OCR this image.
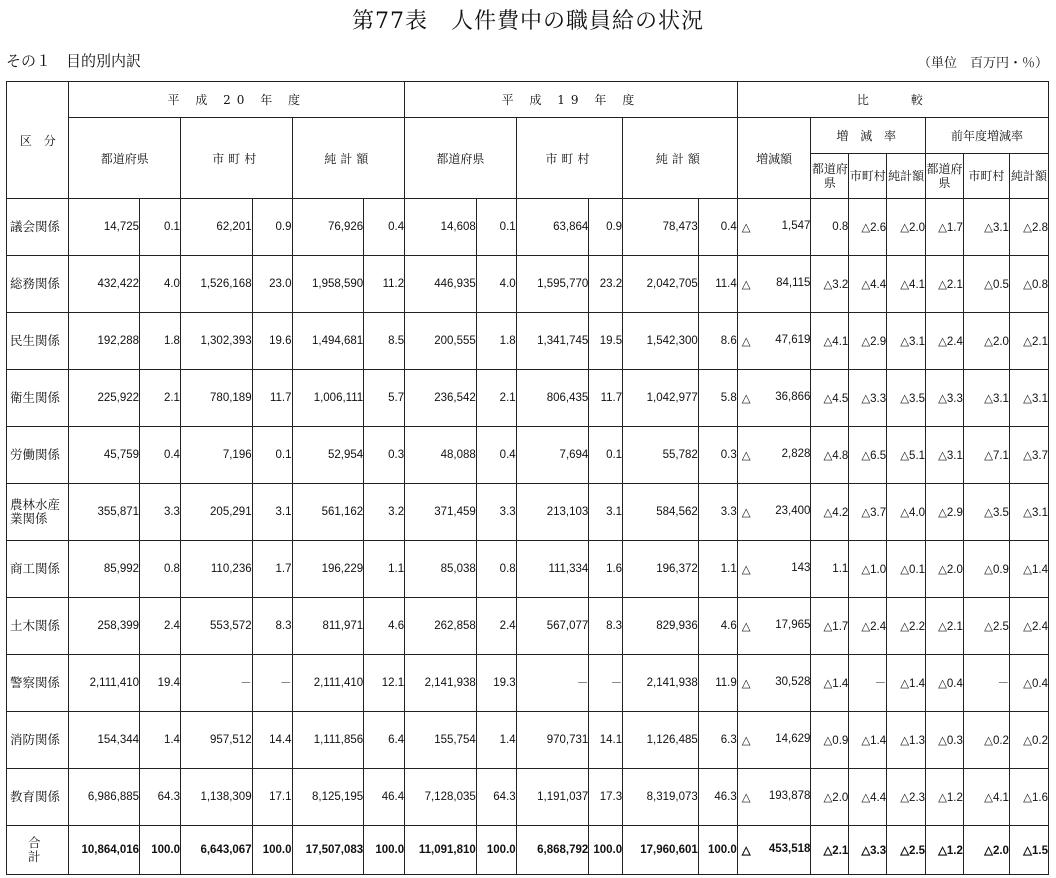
第77表　人件費中の職員給の状況
その１　目的別内訳	（単位　百万円・％）
区　分	平 成 20 年 度						平 成 19 年 度						比　　較						
	都道府県		市町村		純計額		都道府県		市町村		純計額		増減額	増 減 率			前年度増減率		
														都道府県	市町村	純計額	都道府県	市町村	純計額
議会関係	14,725	0.1	62,201	0.9	76,926	0.4	14,608	0.1	63,864	0.9	78,473	0.4	△ 1,547	0.8	△2.6	△2.0	△1.7	△3.1	△2.8
総務関係	432,422	4.0	1,526,168	23.0	1,958,590	11.2	446,935	4.0	1,595,770	23.2	2,042,705	11.4	△ 84,115	△3.2	△4.4	△4.1	△2.1	△0.5	△0.8
民生関係	192,288	1.8	1,302,393	19.6	1,494,681	8.5	200,555	1.8	1,341,745	19.5	1,542,300	8.6	△ 47,619	△4.1	△2.9	△3.1	△2.4	△2.0	△2.1
衛生関係	225,922	2.1	780,189	11.7	1,006,111	5.7	236,542	2.1	806,435	11.7	1,042,977	5.8	△ 36,866	△4.5	△3.3	△3.5	△3.3	△3.1	△3.1
労働関係	45,759	0.4	7,196	0.1	52,954	0.3	48,088	0.4	7,694	0.1	55,782	0.3	△ 2,828	△4.8	△6.5	△5.1	△3.1	△7.1	△3.7
農林水産業関係	355,871	3.3	205,291	3.1	561,162	3.2	371,459	3.3	213,103	3.1	584,562	3.3	△ 23,400	△4.2	△3.7	△4.0	△2.9	△3.5	△3.1
商工関係	85,992	0.8	110,236	1.7	196,229	1.1	85,038	0.8	111,334	1.6	196,372	1.1	△ 143	1.1	△1.0	△0.1	△2.0	△0.9	△1.4
土木関係	258,399	2.4	553,572	8.3	811,971	4.6	262,858	2.4	567,077	8.3	829,936	4.6	△ 17,965	△1.7	△2.4	△2.2	△2.1	△2.5	△2.4
警察関係	2,111,410	19.4	－	－	2,111,410	12.1	2,141,938	19.3	－	－	2,141,938	11.9	△ 30,528	△1.4	－	△1.4	△0.4	－	△0.4
消防関係	154,344	1.4	957,512	14.4	1,111,856	6.4	155,754	1.4	970,731	14.1	1,126,485	6.3	△ 14,629	△0.9	△1.4	△1.3	△0.3	△0.2	△0.2
教育関係	6,986,885	64.3	1,138,309	17.1	8,125,195	46.4	7,128,035	64.3	1,191,037	17.3	8,319,073	46.3	△ 193,878	△2.0	△4.4	△2.3	△1.2	△4.1	△1.6
合 計	10,864,016	100.0	6,643,067	100.0	17,507,083	100.0	11,091,810	100.0	6,868,792	100.0	17,960,601	100.0	△ 453,518	△2.1	△3.3	△2.5	△1.2	△2.0	△1.5
